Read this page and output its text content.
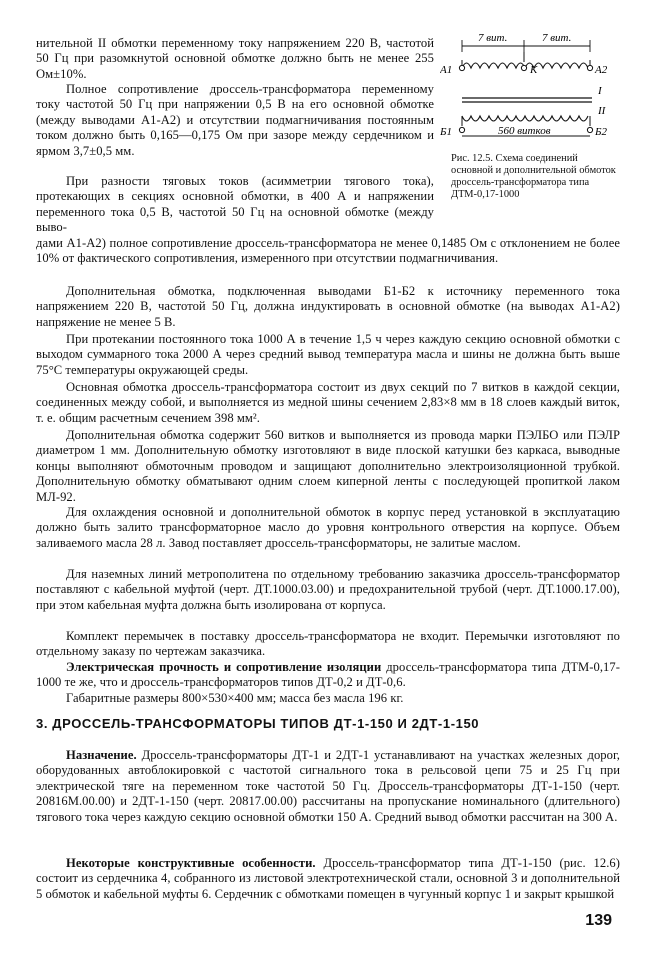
7 вит.	7 вит.
А1	К	А2
I
II
Б1	Б2
560 витков
Рис. 12.5. Схема соединений основной и дополнительной обмоток дроссель-трансформатора типа ДТМ-0,17-1000

нительной II обмотки переменному току напряжением 220 В, частотой 50 Гц при разомкнутой основной обмотке должно быть не менее 255 Ом±10%.

Полное сопротивление дроссель-трансформатора переменному току частотой 50 Гц при напряжении 0,5 В на его основной обмотке (между выводами А1-А2) и отсутствии подмагничивания постоянным током должно быть 0,165—0,175 Ом при зазоре между сердечником и ярмом 3,7±0,5 мм.

При разности тяговых токов (асимметрии тягового тока), протекающих в секциях основной обмотки, в 400 А и напряжении переменного тока 0,5 В, частотой 50 Гц на основной обмотке (между выво-

дами А1-А2) полное сопротивление дроссель-трансформатора не менее 0,1485 Ом с отклонением не более 10% от фактического сопротивления, измеренного при отсутствии подмагничивания.

Дополнительная обмотка, подключенная выводами Б1-Б2 к источнику переменного тока напряжением 220 В, частотой 50 Гц, должна индуктировать в основной обмотке (на выводах А1-А2) напряжение не менее 5 В.

При протекании постоянного тока 1000 А в течение 1,5 ч через каждую секцию основной обмотки с выходом суммарного тока 2000 А через средний вывод температура масла и шины не должна быть выше 75°С температуры окружающей среды.

Основная обмотка дроссель-трансформатора состоит из двух секций по 7 витков в каждой секции, соединенных между собой, и выполняется из медной шины сечением 2,83×8 мм в 18 слоев каждый виток, т. е. общим расчетным сечением 398 мм².

Дополнительная обмотка содержит 560 витков и выполняется из провода марки ПЭЛБО или ПЭЛР диаметром 1 мм. Дополнительную обмотку изготовляют в виде плоской катушки без каркаса, выводные концы выполняют обмоточным проводом и защищают дополнительно электроизоляционной трубкой. Дополнительную обмотку обматывают одним слоем киперной ленты с последующей пропиткой лаком МЛ-92.

Для охлаждения основной и дополнительной обмоток в корпус перед установкой в эксплуатацию должно быть залито трансформаторное масло до уровня контрольного отверстия на корпусе. Объем заливаемого масла 28 л. Завод поставляет дроссель-трансформаторы, не залитые маслом.

Для наземных линий метрополитена по отдельному требованию заказчика дроссель-трансформатор поставляют с кабельной муфтой (черт. ДТ.1000.03.00) и предохранительной трубой (черт. ДТ.1000.17.00), при этом кабельная муфта должна быть изолирована от корпуса.

Комплект перемычек в поставку дроссель-трансформатора не входит. Перемычки изготовляют по отдельному заказу по чертежам заказчика.

Электрическая прочность и сопротивление изоляции дроссель-трансформатора типа ДТМ-0,17-1000 те же, что и дроссель-трансформаторов типов ДТ-0,2 и ДТ-0,6.

Габаритные размеры 800×530×400 мм; масса без масла 196 кг.

3. ДРОССЕЛЬ-ТРАНСФОРМАТОРЫ ТИПОВ ДТ-1-150 И 2ДТ-1-150

Назначение. Дроссель-трансформаторы ДТ-1 и 2ДТ-1 устанавливают на участках железных дорог, оборудованных автоблокировкой с частотой сигнального тока в рельсовой цепи 75 и 25 Гц при электрической тяге на переменном токе частотой 50 Гц. Дроссель-трансформаторы ДТ-1-150 (черт. 20816М.00.00) и 2ДТ-1-150 (черт. 20817.00.00) рассчитаны на пропускание номинального (длительного) тягового тока через каждую секцию основной обмотки 150 А. Средний вывод обмотки рассчитан на 300 А.

Некоторые конструктивные особенности. Дроссель-трансформатор типа ДТ-1-150 (рис. 12.6) состоит из сердечника 4, собранного из листовой электротехнической стали, основной 3 и дополнительной 5 обмоток и кабельной муфты 6. Сердечник с обмотками помещен в чугунный корпус 1 и закрыт крышкой

139
